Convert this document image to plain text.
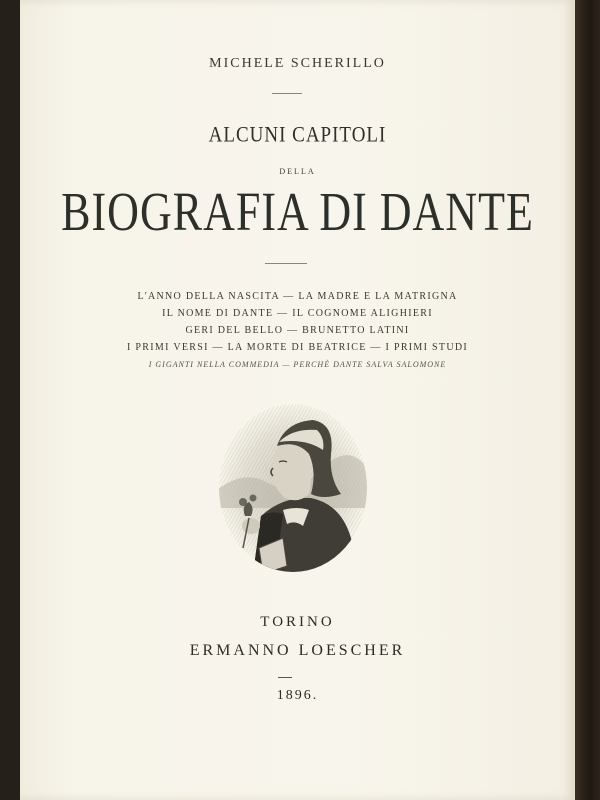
MICHELE SCHERILLO
ALCUNI CAPITOLI
DELLA
BIOGRAFIA DI DANTE
L'ANNO DELLA NASCITA — LA MADRE E LA MATRIGNA
IL NOME DI DANTE — IL COGNOME ALIGHIERI
GERI DEL BELLO — BRUNETTO LATINI
I PRIMI VERSI — LA MORTE DI BEATRICE — I PRIMI STUDI
I GIGANTI NELLA COMMEDIA — PERCHÈ DANTE SALVA SALOMONE
TORINO
ERMANNO LOESCHER
1896.
